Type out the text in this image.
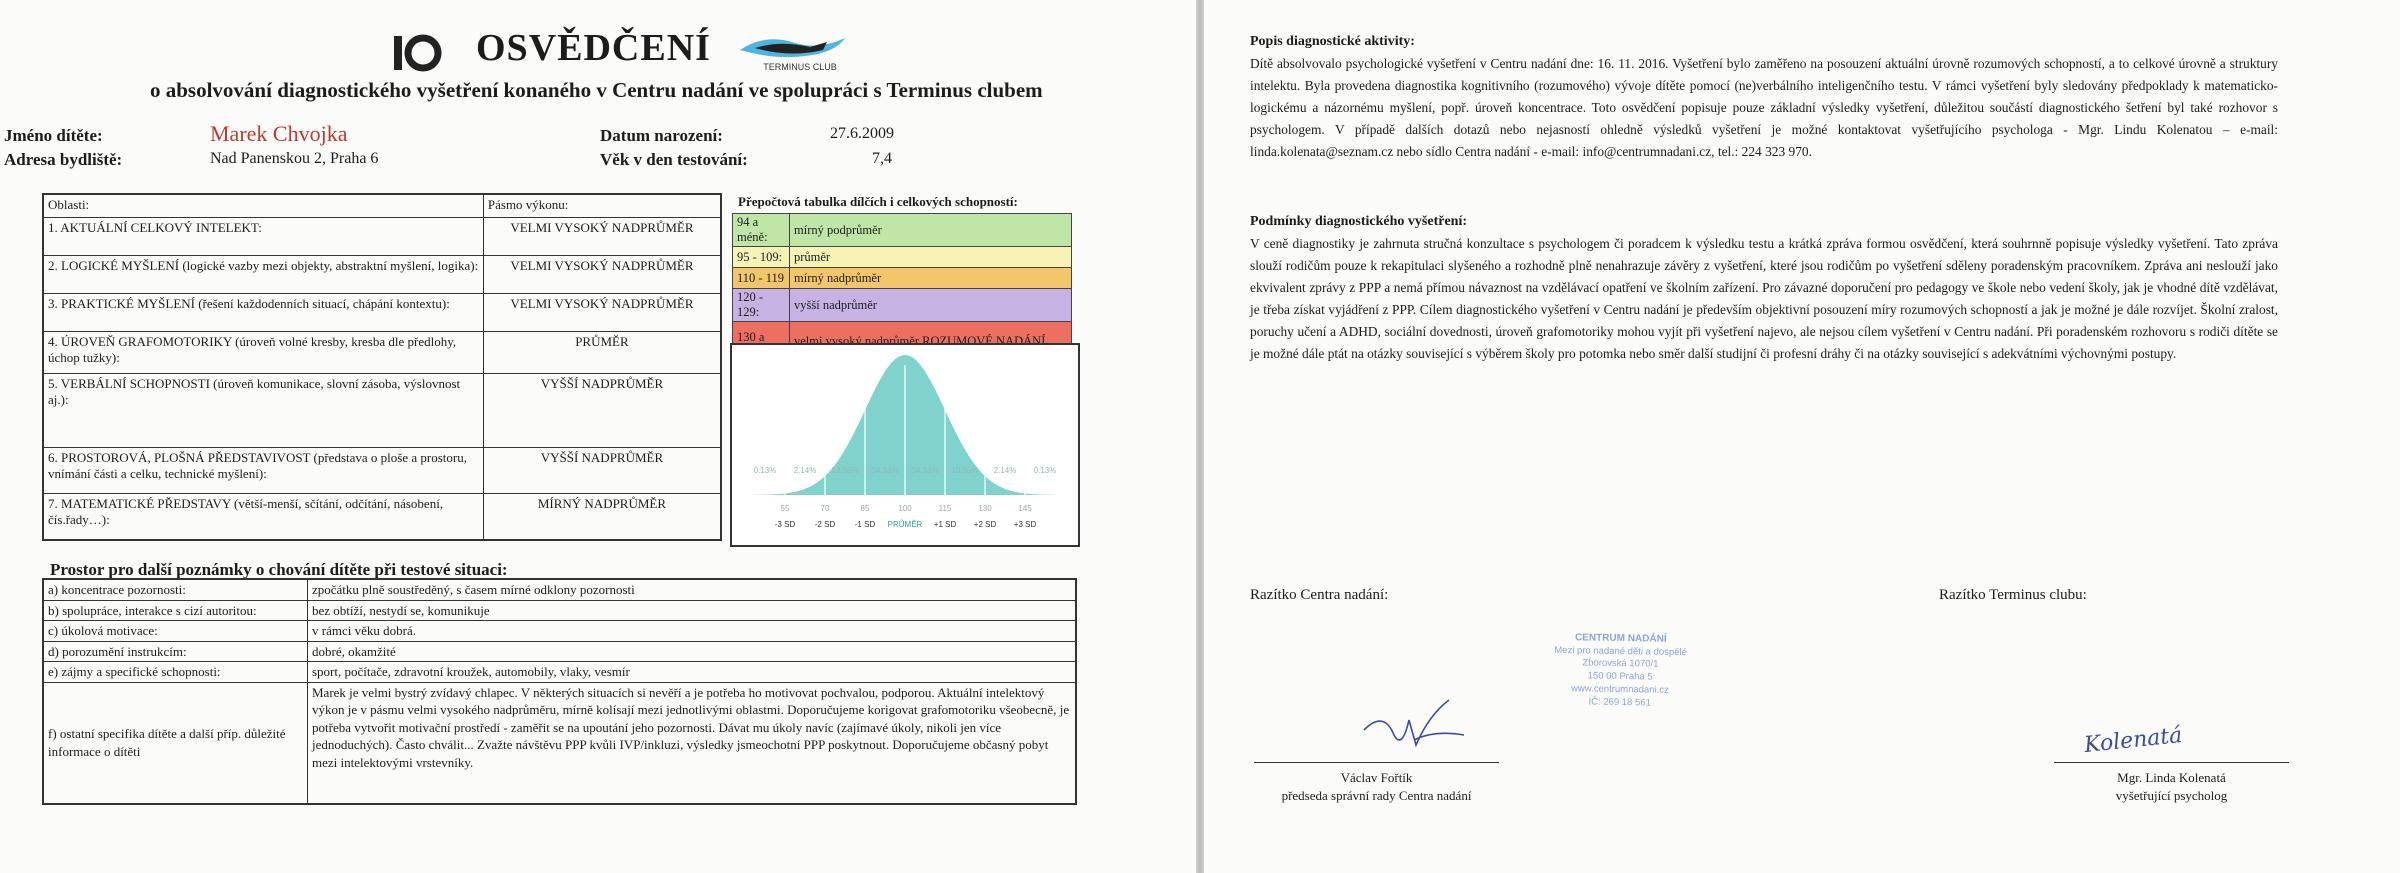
OSVĚDČENÍ	TERMINUS CLUB
o absolvování diagnostického vyšetření konaného v Centru nadání ve spolupráci s Terminus clubem
Jméno dítěte:	Marek Chvojka
Adresa bydliště:	Nad Panenskou 2, Praha 6
Datum narození:	27.6.2009
Věk v den testování:	7,4
Oblasti:	Pásmo výkonu:
1. AKTUÁLNÍ CELKOVÝ INTELEKT:	VELMI VYSOKÝ NADPRŮMĚR
2. LOGICKÉ MYŠLENÍ (logické vazby mezi objekty, abstraktní myšlení, logika):	VELMI VYSOKÝ NADPRŮMĚR
3. PRAKTICKÉ MYŠLENÍ (řešení každodenních situací, chápání kontextu):	VELMI VYSOKÝ NADPRŮMĚR
4. ÚROVEŇ GRAFOMOTORIKY (úroveň volné kresby, kresba dle předlohy, úchop tužky):	PRŮMĚR
5. VERBÁLNÍ SCHOPNOSTI (úroveň komunikace, slovní zásoba, výslovnost aj.):	VYŠŠÍ NADPRŮMĚR
6. PROSTOROVÁ, PLOŠNÁ PŘEDSTAVIVOST (představa o ploše a prostoru, vnímání části a celku, technické myšlení):	VYŠŠÍ NADPRŮMĚR
7. MATEMATICKÉ PŘEDSTAVY (větší-menší, sčítání, odčítání, násobení, čís.řady…):	MÍRNÝ NADPRŮMĚR
Přepočtová tabulka dílčích i celkových schopností:
94 a méně:	mírný podprůměr
95 - 109:	průměr
110 - 119	mírný nadprůměr
120 - 129:	vyšší nadprůměr
130 a více	velmi vysoký nadprůměr ROZUMOVÉ NADÁNÍ
0.13% 2.14% 13.59% 34.13% 34.13% 13.59% 2.14% 0.13%
55
-3 SD
70
-2 SD
85
-1 SD
100
PRŮMĚR
115
+1 SD
130
+2 SD
145
+3 SD
Prostor pro další poznámky o chování dítěte při testové situaci:
a) koncentrace pozornosti:	zpočátku plně soustředěný, s časem mírné odklony pozornosti
b) spolupráce, interakce s cizí autoritou:	bez obtíží, nestydí se, komunikuje
c) úkolová motivace:	v rámci věku dobrá.
d) porozumění instrukcím:	dobré, okamžité
e) zájmy a specifické schopnosti:	sport, počítače, zdravotní kroužek, automobily, vlaky, vesmír
f) ostatní specifika dítěte a další příp. důležité informace o dítěti	Marek je velmi bystrý zvídavý chlapec. V některých situacích si nevěří a je potřeba ho motivovat pochvalou, podporou. Aktuální intelektový výkon je v pásmu velmi vysokého nadprůměru, mírně kolísají mezi jednotlivými oblastmi. Doporučujeme korigovat grafomotoriku všeobecně, je potřeba vytvořit motivační prostředí - zaměřit se na upoutání jeho pozornosti. Dávat mu úkoly navíc (zajímavé úkoly, nikoli jen více jednoduchých). Často chválit... Zvažte návštěvu PPP kvůli IVP/inkluzi, výsledky jsmeochotní PPP poskytnout. Doporučujeme občasný pobyt mezi intelektovými vrstevníky.
Popis diagnostické aktivity:
Dítě absolvovalo psychologické vyšetření v Centru nadání dne: 16. 11. 2016. Vyšetření bylo zaměřeno na posouzení aktuální úrovně rozumových schopností, a to celkové úrovně a struktury intelektu. Byla provedena diagnostika kognitivního (rozumového) vývoje dítěte pomocí (ne)verbálního inteligenčního testu. V rámci vyšetření byly sledovány předpoklady k matematicko-logickému a názornému myšlení, popř. úroveň koncentrace. Toto osvědčení popisuje pouze základní výsledky vyšetření, důležitou součástí diagnostického šetření byl také rozhovor s psychologem. V případě dalších dotazů nebo nejasností ohledně výsledků vyšetření je možné kontaktovat vyšetřujícího psychologa - Mgr. Lindu Kolenatou – e-mail: linda.kolenata@seznam.cz nebo sídlo Centra nadání - e-mail: info@centrumnadani.cz, tel.: 224 323 970.
Podmínky diagnostického vyšetření:
V ceně diagnostiky je zahrnuta stručná konzultace s psychologem či poradcem k výsledku testu a krátká zpráva formou osvědčení, která souhrnně popisuje výsledky vyšetření. Tato zpráva slouží rodičům pouze k rekapitulaci slyšeného a rozhodně plně nenahrazuje závěry z vyšetření, které jsou rodičům po vyšetření sděleny poradenským pracovníkem. Zpráva ani neslouží jako ekvivalent zprávy z PPP a nemá přímou návaznost na vzdělávací opatření ve školním zařízení. Pro závazné doporučení pro pedagogy ve škole nebo vedení školy, jak je vhodné dítě vzdělávat, je třeba získat vyjádření z PPP. Cílem diagnostického vyšetření v Centru nadání je především objektivní posouzení míry rozumových schopností a jak je možné je dále rozvíjet. Školní zralost, poruchy učení a ADHD, sociální dovednosti, úroveň grafomotoriky mohou vyjít při vyšetření najevo, ale nejsou cílem vyšetření v Centru nadání. Při poradenském rozhovoru s rodiči dítěte se je možné dále ptát na otázky související s výběrem školy pro potomka nebo směr další studijní či profesní dráhy či na otázky související s adekvátními výchovnými postupy.
Razítko Centra nadání:	Razítko Terminus clubu:
Václav Fořtík
předseda správní rady Centra nadání
Kolenatá
Mgr. Linda Kolenatá
vyšetřující psycholog
CENTRUM NADÁNÍ
Mezi pro nadané děti a dospělé
Zborovská 1070/1
150 00 Praha 5
www.centrumnadani.cz
IČ: 269 18 561
